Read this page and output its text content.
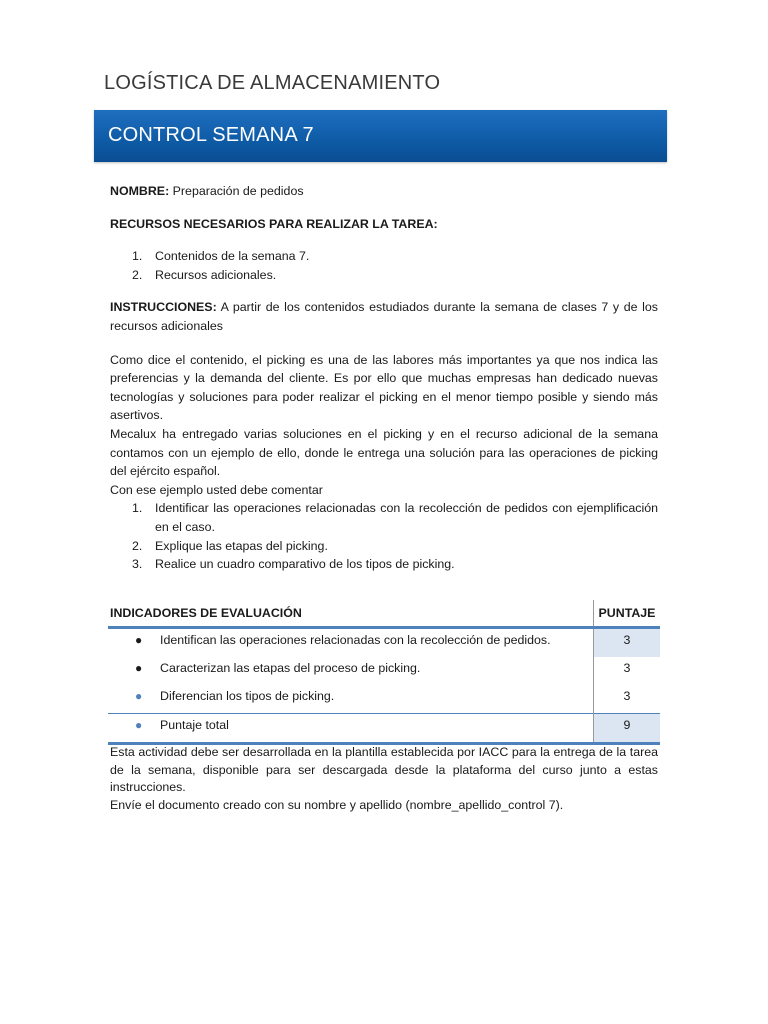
LOGÍSTICA DE ALMACENAMIENTO
CONTROL SEMANA 7

NOMBRE: Preparación de pedidos

RECURSOS NECESARIOS PARA REALIZAR LA TAREA:

1. Contenidos de la semana 7.
2. Recursos adicionales.

INSTRUCCIONES: A partir de los contenidos estudiados durante la semana de clases 7 y de los recursos adicionales

Como dice el contenido, el picking es una de las labores más importantes ya que nos indica las preferencias y la demanda del cliente. Es por ello que muchas empresas han dedicado nuevas tecnologías y soluciones para poder realizar el picking en el menor tiempo posible y siendo más asertivos.

Mecalux ha entregado varias soluciones en el picking y en el recurso adicional de la semana contamos con un ejemplo de ello, donde le entrega una solución para las operaciones de picking del ejército español.

Con ese ejemplo usted debe comentar

1. Identificar las operaciones relacionadas con la recolección de pedidos con ejemplificación en el caso.
2. Explique las etapas del picking.
3. Realice un cuadro comparativo de los tipos de picking.
INDICADORES DE EVALUACIÓN	PUNTAJE

● Identifican las operaciones relacionadas con la recolección de pedidos.	3

● Caracterizan las etapas del proceso de picking.	3

● Diferencian los tipos de picking.	3

● Puntaje total	9

Esta actividad debe ser desarrollada en la plantilla establecida por IACC para la entrega de la tarea de la semana, disponible para ser descargada desde la plataforma del curso junto a estas instrucciones.

Envíe el documento creado con su nombre y apellido (nombre_apellido_control 7).
